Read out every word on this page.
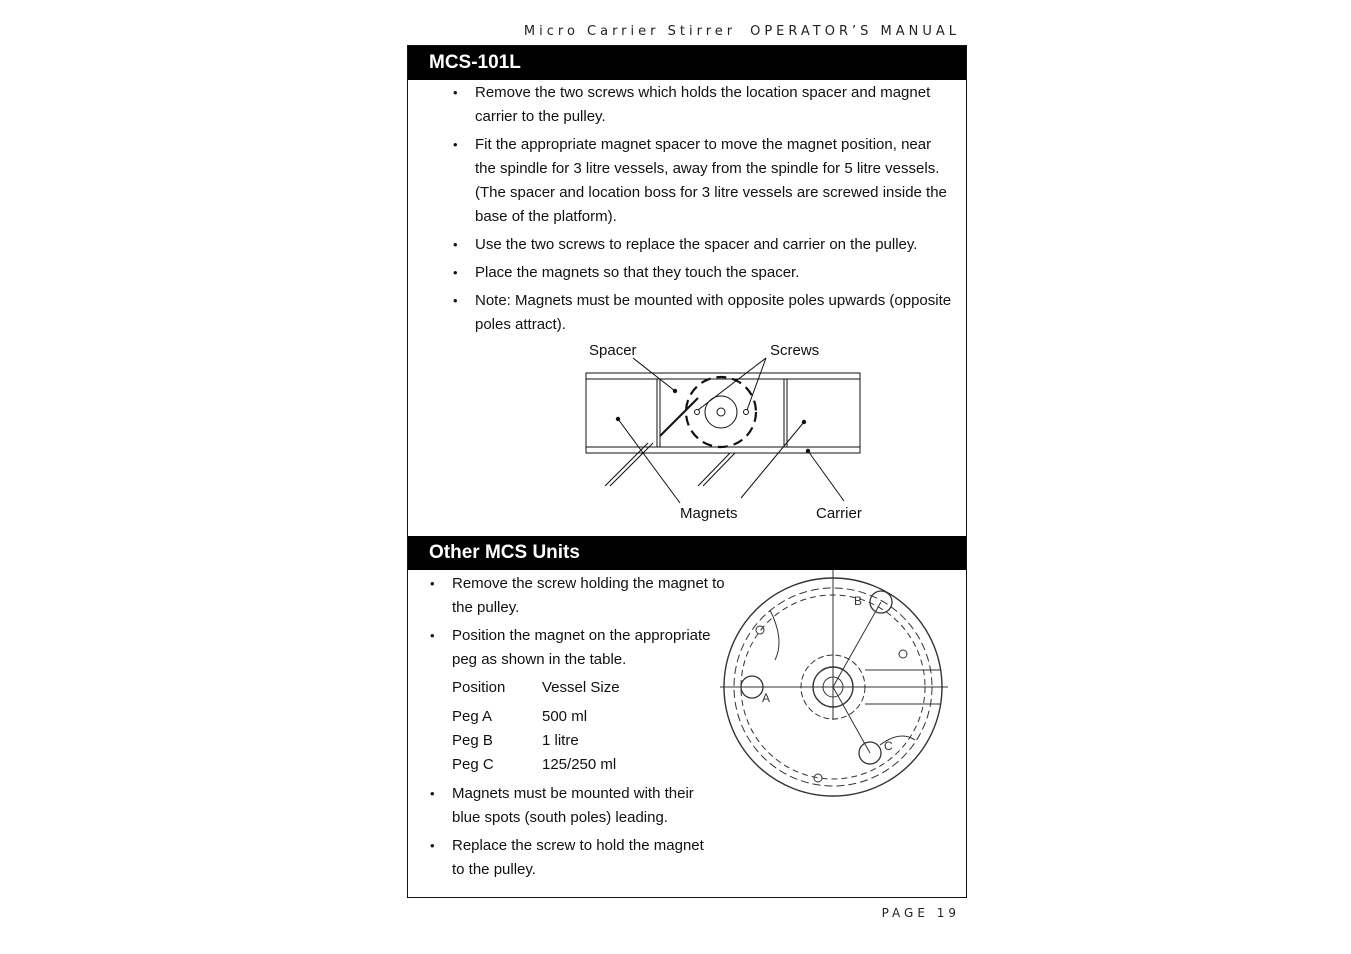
Micro Carrier Stirrer OPERATOR’S MANUAL
MCS-101L
• Remove the two screws which holds the location spacer and magnet carrier to the pulley.
• Fit the appropriate magnet spacer to move the magnet position, near the spindle for 3 litre vessels, away from the spindle for 5 litre vessels. (The spacer and location boss for 3 litre vessels are screwed inside the base of the platform).
• Use the two screws to replace the spacer and carrier on the pulley.
• Place the magnets so that they touch the spacer.
• Note: Magnets must be mounted with opposite poles upwards (opposite poles attract).
Spacer	Screws
Magnets	Carrier
Other MCS Units
• Remove the screw holding the magnet to the pulley.
• Position the magnet on the appropriate peg as shown in the table.
Position	Vessel Size
Peg A	500 ml
Peg B	1 litre
Peg C	125/250 ml
• Magnets must be mounted with their blue spots (south poles) leading.
• Replace the screw to hold the magnet to the pulley.
A
B
C
PAGE 19
